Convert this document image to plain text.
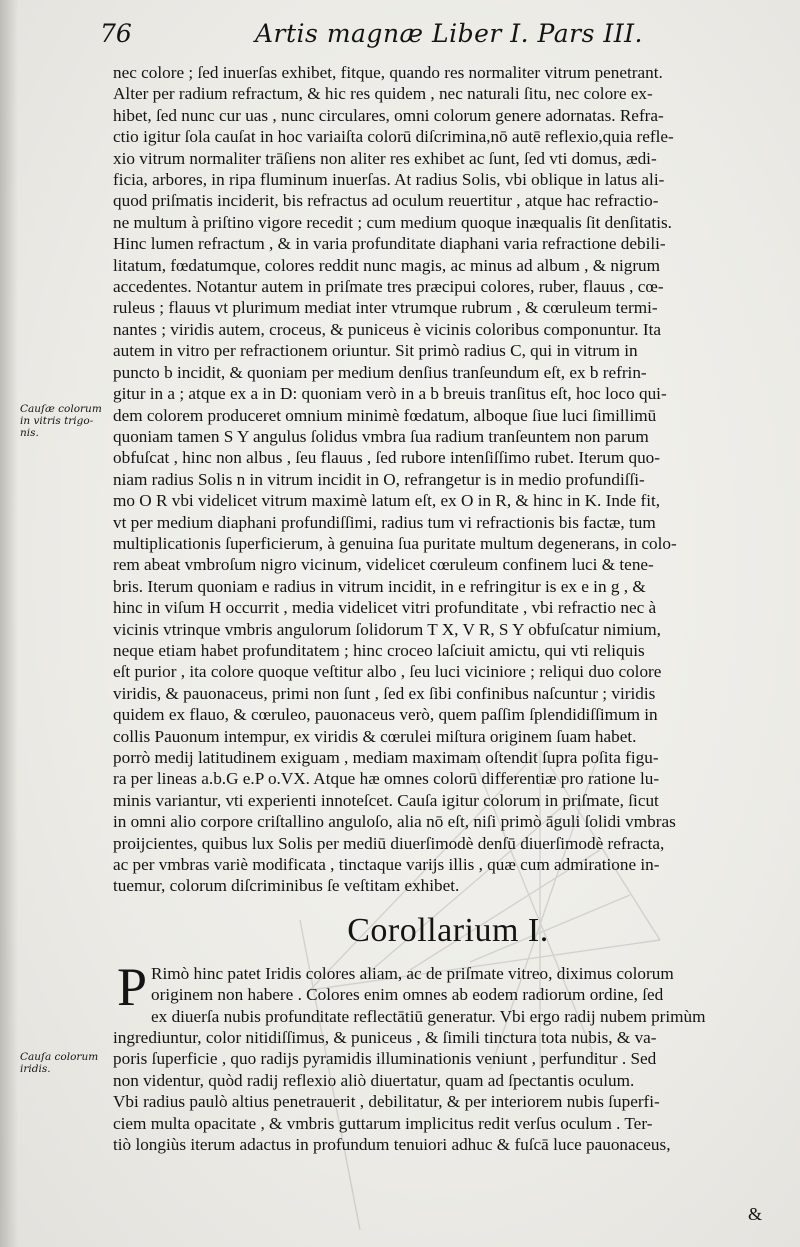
76	Artis magnæ Liber I. Pars III.
Cauſæ colorum in vitris trigo-nis.
Cauſa colorum iridis.

nec colore ; ſed inuerſas exhibet, fitque, quando res normaliter vitrum penetrant.

Alter per radium refractum, & hic res quidem , nec naturali ſitu, nec colore ex-

hibet, ſed nunc cur uas , nunc circulares, omni colorum genere adornatas. Refra-

ctio igitur ſola cauſat in hoc variaiſta colorū diſcrimina,nō autē reflexio,quia refle-

xio vitrum normaliter trāſiens non aliter res exhibet ac ſunt, ſed vti domus, ædi-

ficia, arbores, in ripa fluminum inuerſas. At radius Solis, vbi oblique in latus ali-

quod priſmatis inciderit, bis refractus ad oculum reuertitur , atque hac refractio-

ne multum à priſtino vigore recedit ; cum medium quoque inæqualis ſit denſitatis.

Hinc lumen refractum , & in varia profunditate diaphani varia refractione debili-

litatum, fœdatumque, colores reddit nunc magis, ac minus ad album , & nigrum

accedentes. Notantur autem in priſmate tres præcipui colores, ruber, flauus , cœ-

ruleus ; flauus vt plurimum mediat inter vtrumque rubrum , & cœruleum termi-

nantes ; viridis autem, croceus, & puniceus è vicinis coloribus componuntur. Ita

autem in vitro per refractionem oriuntur. Sit primò radius C, qui in vitrum in

puncto b incidit, & quoniam per medium denſius tranſeundum eſt, ex b refrin-

gitur in a ; atque ex a in D: quoniam verò in a b breuis tranſitus eſt, hoc loco qui-

dem colorem produceret omnium minimè fœdatum, alboque ſiue luci ſimillimū

quoniam tamen S Y angulus ſolidus vmbra ſua radium tranſeuntem non parum

obfuſcat , hinc non albus , ſeu flauus , ſed rubore intenſiſſimo rubet. Iterum quo-

niam radius Solis n in vitrum incidit in O, refrangetur is in medio profundiſſi-

mo O R vbi videlicet vitrum maximè latum eſt, ex O in R, & hinc in K. Inde fit,

vt per medium diaphani profundiſſimi, radius tum vi refractionis bis factæ, tum

multiplicationis ſuperficierum, à genuina ſua puritate multum degenerans, in colo-

rem abeat vmbroſum nigro vicinum, videlicet cœruleum confinem luci & tene-

bris. Iterum quoniam e radius in vitrum incidit, in e refringitur is ex e in g , &

hinc in viſum H occurrit , media videlicet vitri profunditate , vbi refractio nec à

vicinis vtrinque vmbris angulorum ſolidorum T X, V R, S Y obfuſcatur nimium,

neque etiam habet profunditatem ; hinc croceo laſciuit amictu, qui vti reliquis

eſt purior , ita colore quoque veſtitur albo , ſeu luci viciniore ; reliqui duo colore

viridis, & pauonaceus, primi non ſunt , ſed ex ſibi confinibus naſcuntur ; viridis

quidem ex flauo, & cœruleo, pauonaceus verò, quem paſſim ſplendidiſſimum in

collis Pauonum intempur, ex viridis & cœrulei miſtura originem ſuam habet.

porrò medij latitudinem exiguam , mediam maximam oſtendit ſupra poſita figu-

ra per lineas a.b.G e.P o.VX. Atque hæ omnes colorū differentiæ pro ratione lu-

minis variantur, vti experienti innoteſcet. Cauſa igitur colorum in priſmate, ſicut

in omni alio corpore criſtallino anguloſo, alia nō eſt, niſi primò āguli ſolidi vmbras

proijcientes, quibus lux Solis per mediū diuerſimodè denſū diuerſimodè refracta,

ac per vmbras variè modificata , tinctaque varijs illis , quæ cum admiratione in-

tuemur, colorum diſcriminibus ſe veſtitam exhibet.

Corollarium I.
P Rimò hinc patet Iridis colores aliam, ac de priſmate vitreo, diximus colorum

originem non habere . Colores enim omnes ab eodem radiorum ordine, ſed

ex diuerſa nubis profunditate reflectātiū generatur. Vbi ergo radij nubem primùm

ingrediuntur, color nitidiſſimus, & puniceus , & ſimili tinctura tota nubis, & va-

poris ſuperficie , quo radijs pyramidis illuminationis veniunt , perfunditur . Sed

non videntur, quòd radij reflexio aliò diuertatur, quam ad ſpectantis oculum.

Vbi radius paulò altius penetrauerit , debilitatur, & per interiorem nubis ſuperfi-

ciem multa opacitate , & vmbris guttarum implicitus redit verſus oculum . Ter-

tiò longiùs iterum adactus in profundum tenuiori adhuc & fuſcā luce pauonaceus,

&
